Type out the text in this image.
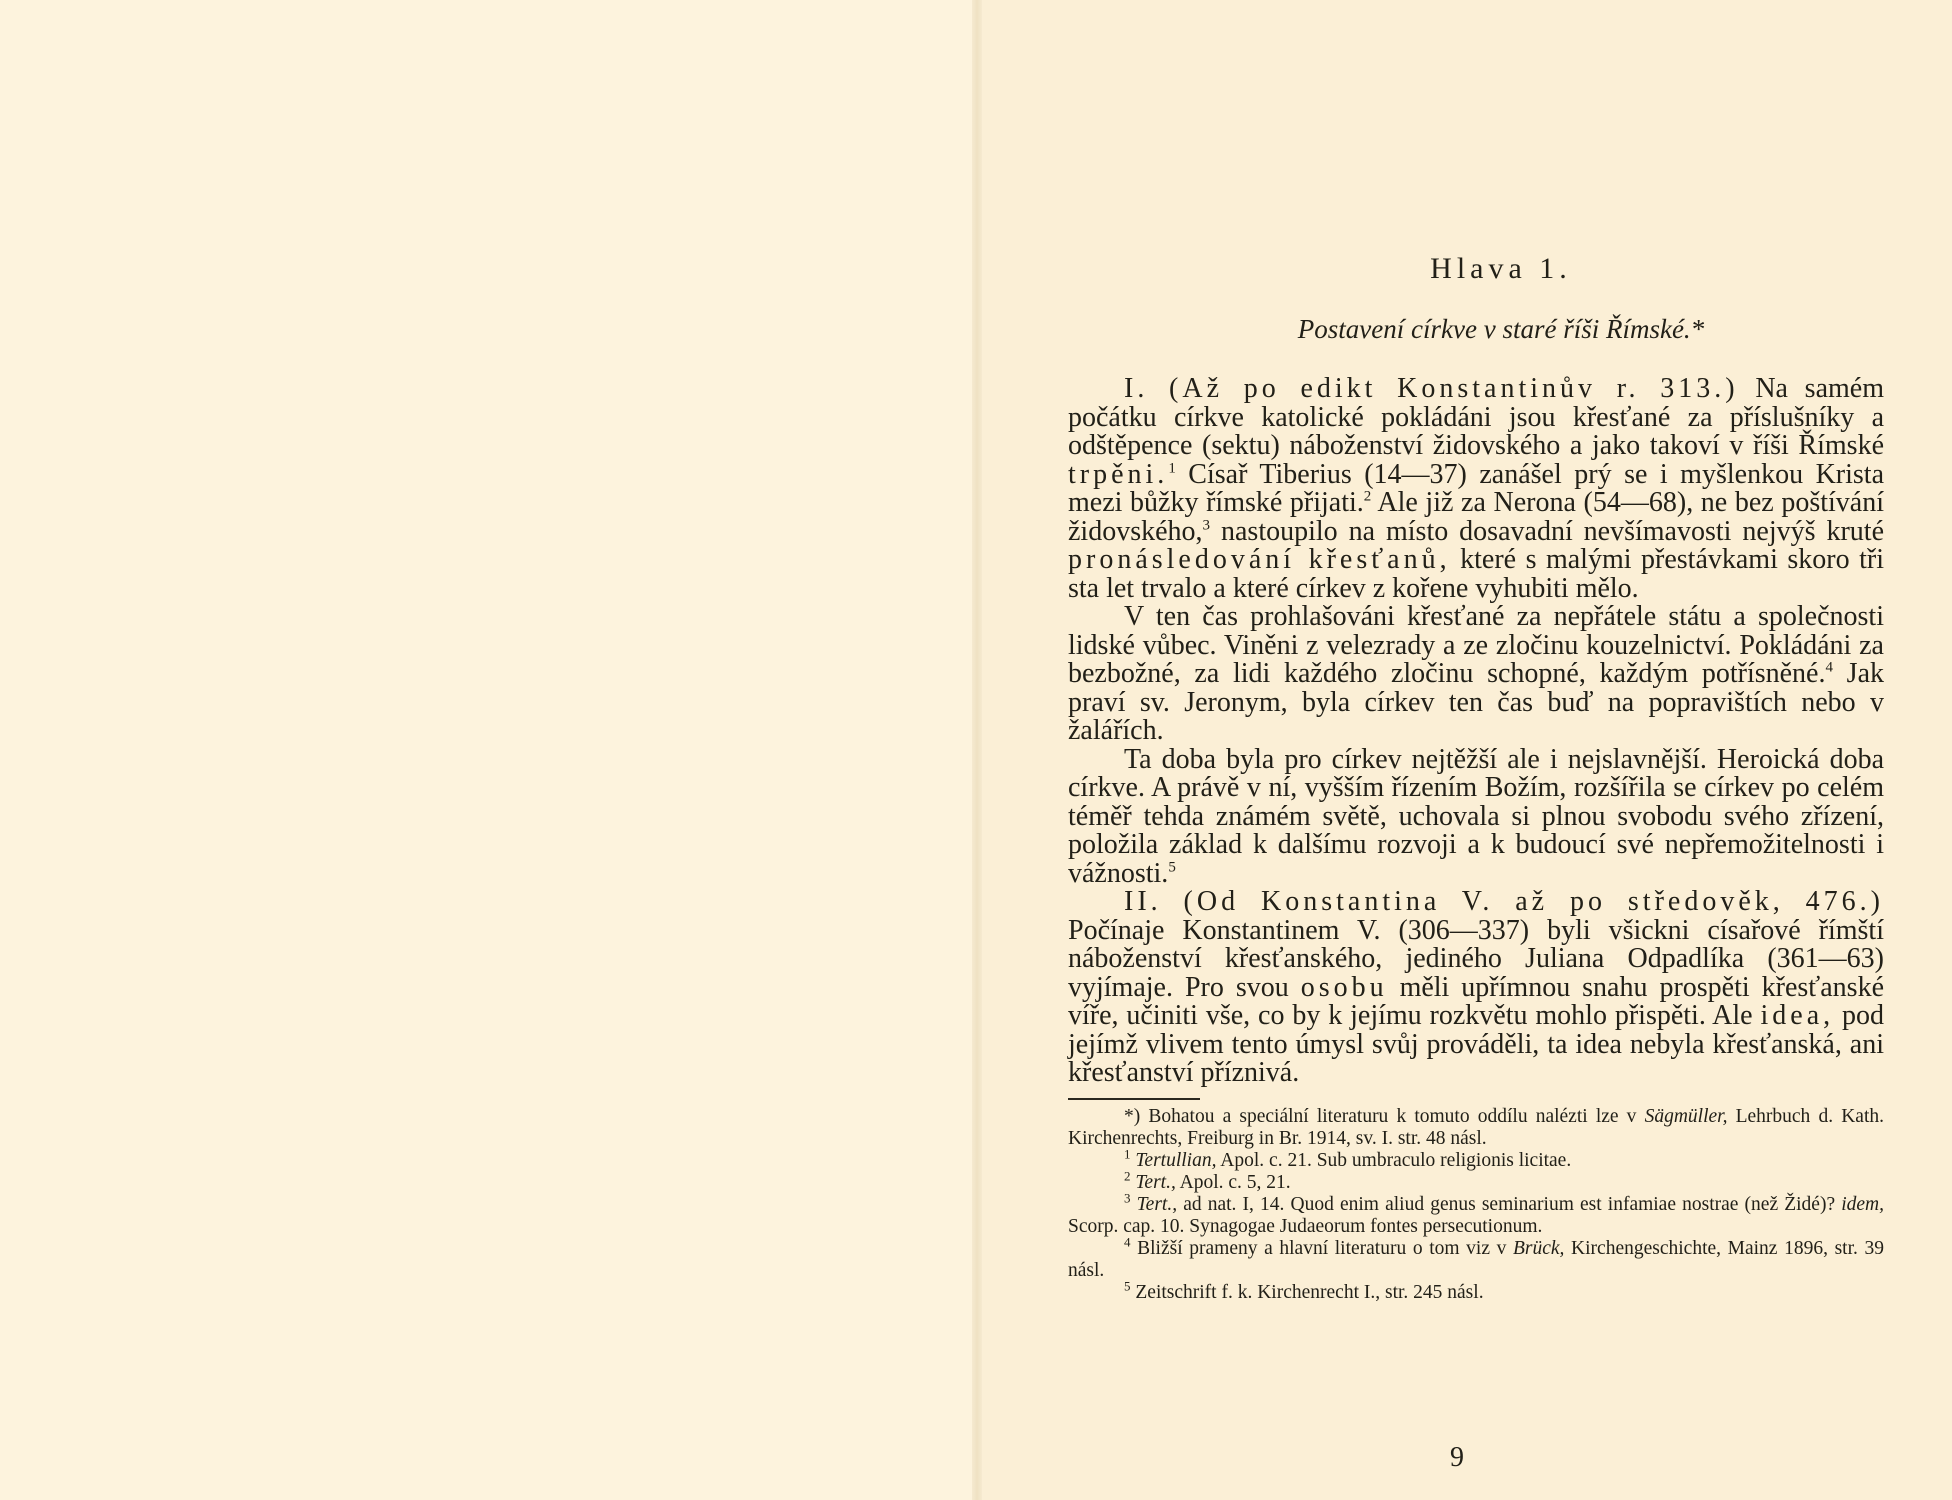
Hlava 1.
Postavení církve v staré říši Římské.*

I. (Až po edikt Konstantinův r. 313.) Na samém počátku církve katolické pokládáni jsou křesťané za příslušníky a odštěpence (sektu) náboženství židovského a jako takoví v říši Římské trpěni.$^1$ Císař Tiberius (14—37) zanášel prý se i myšlenkou Krista mezi bůžky římské přijati.$^2$ Ale již za Nerona (54—68), ne bez poštívání židovského,$^3$ nastoupilo na místo dosavadní nevšímavosti nejvýš kruté pronásledování křesťanů, které s malými přestávkami skoro tři sta let trvalo a které církev z kořene vyhubiti mělo.

V ten čas prohlašováni křesťané za nepřátele státu a společnosti lidské vůbec. Viněni z velezrady a ze zločinu kouzelnictví. Pokládáni za bezbožné, za lidi každého zločinu schopné, každým potřísněné.$^4$ Jak praví sv. Jeronym, byla církev ten čas buď na popravištích nebo v žalářích.

Ta doba byla pro církev nejtěžší ale i nejslavnější. Heroická doba církve. A právě v ní, vyšším řízením Božím, rozšířila se církev po celém téměř tehda známém světě, uchovala si plnou svobodu svého zřízení, položila základ k dalšímu rozvoji a k budoucí své nepřemožitelnosti i vážnosti.$^5$

II. (Od Konstantina V. až po středověk, 476.) Počínaje Konstantinem V. (306—337) byli všickni císařové římští náboženství křesťanského, jediného Juliana Odpadlíka (361—63) vyjímaje. Pro svou osobu měli upřímnou snahu prospěti křesťanské víře, učiniti vše, co by k jejímu rozkvětu mohlo přispěti. Ale idea, pod jejímž vlivem tento úmysl svůj prováděli, ta idea nebyla křesťanská, ani křesťanství příznivá.

*) Bohatou a speciální literaturu k tomuto oddílu nalézti lze v Sägmüller, Lehrbuch d. Kath. Kirchenrechts, Freiburg in Br. 1914, sv. I. str. 48 násl.

$^1$ Tertullian, Apol. c. 21. Sub umbraculo religionis licitae.

$^2$ Tert., Apol. c. 5, 21.

$^3$ Tert., ad nat. I, 14. Quod enim aliud genus seminarium est infamiae nostrae (než Židé)? idem, Scorp. cap. 10. Synagogae Judaeorum fontes persecutionum.

$^4$ Bližší prameny a hlavní literaturu o tom viz v Brück, Kirchengeschichte, Mainz 1896, str. 39 násl.

$^5$ Zeitschrift f. k. Kirchenrecht I., str. 245 násl.

9
